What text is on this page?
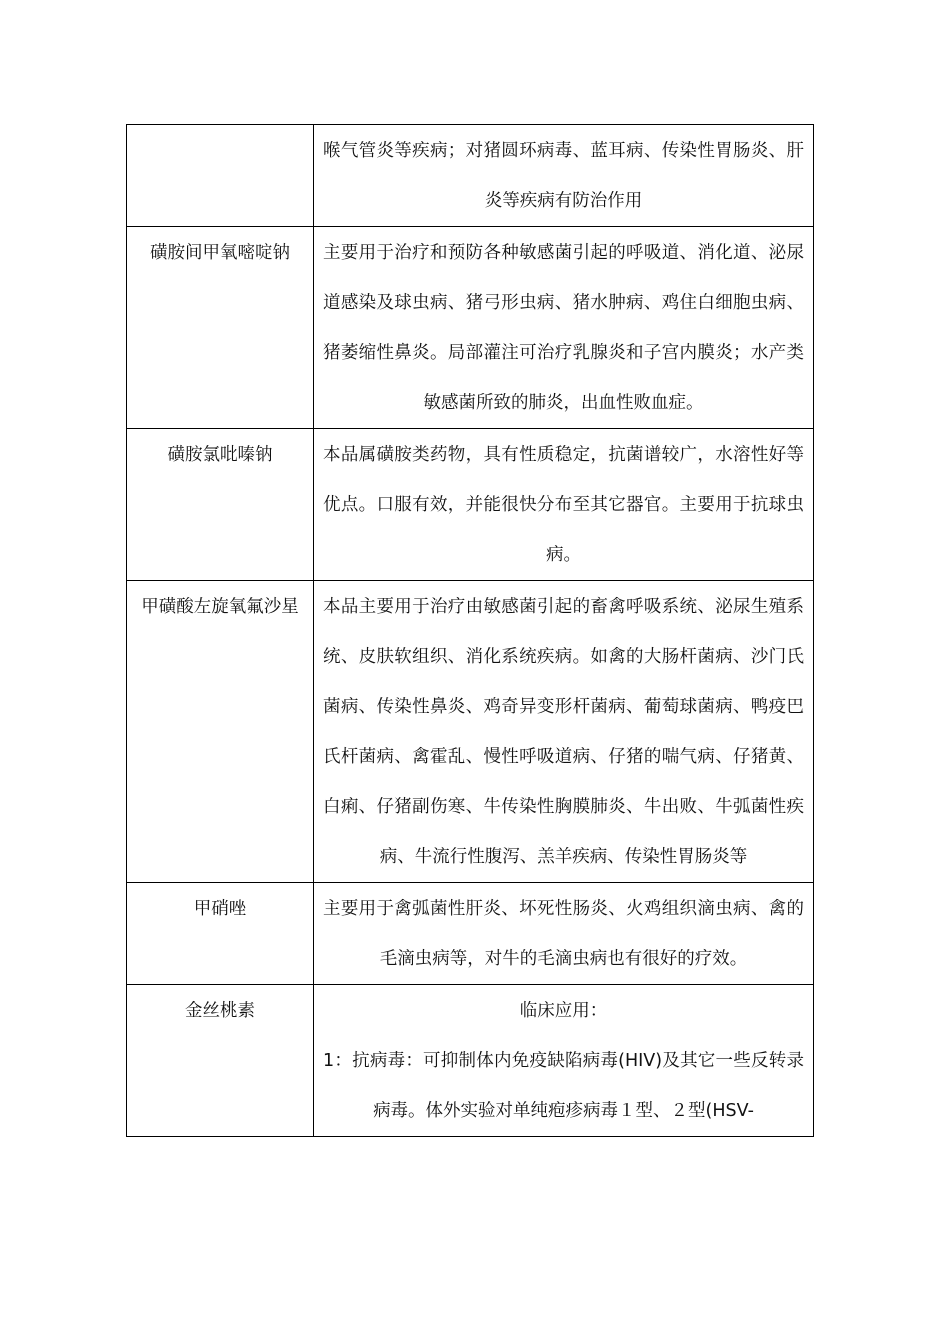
	喉气管炎等疾病；对猪圆环病毒、蓝耳病、传染性胃肠炎、肝炎等疾病有防治作用
磺胺间甲氧嘧啶钠	主要用于治疗和预防各种敏感菌引起的呼吸道、消化道、泌尿道感染及球虫病、猪弓形虫病、猪水肿病、鸡住白细胞虫病、猪萎缩性鼻炎。局部灌注可治疗乳腺炎和子宫内膜炎；水产类敏感菌所致的肺炎，出血性败血症。
磺胺氯吡嗪钠	本品属磺胺类药物，具有性质稳定，抗菌谱较广，水溶性好等优点。口服有效，并能很快分布至其它器官。主要用于抗球虫病。
甲磺酸左旋氧氟沙星	本品主要用于治疗由敏感菌引起的畜禽呼吸系统、泌尿生殖系统、皮肤软组织、消化系统疾病。如禽的大肠杆菌病、沙门氏菌病、传染性鼻炎、鸡奇异变形杆菌病、葡萄球菌病、鸭疫巴氏杆菌病、禽霍乱、慢性呼吸道病、仔猪的喘气病、仔猪黄、白痢、仔猪副伤寒、牛传染性胸膜肺炎、牛出败、牛弧菌性疾病、牛流行性腹泻、羔羊疾病、传染性胃肠炎等
甲硝唑	主要用于禽弧菌性肝炎、坏死性肠炎、火鸡组织滴虫病、禽的毛滴虫病等，对牛的毛滴虫病也有很好的疗效。
金丝桃素	临床应用：
1：抗病毒：可抑制体内免疫缺陷病毒(HIV)及其它一些反转录病毒。体外实验对单纯疱疹病毒１型、２型(HSV-
